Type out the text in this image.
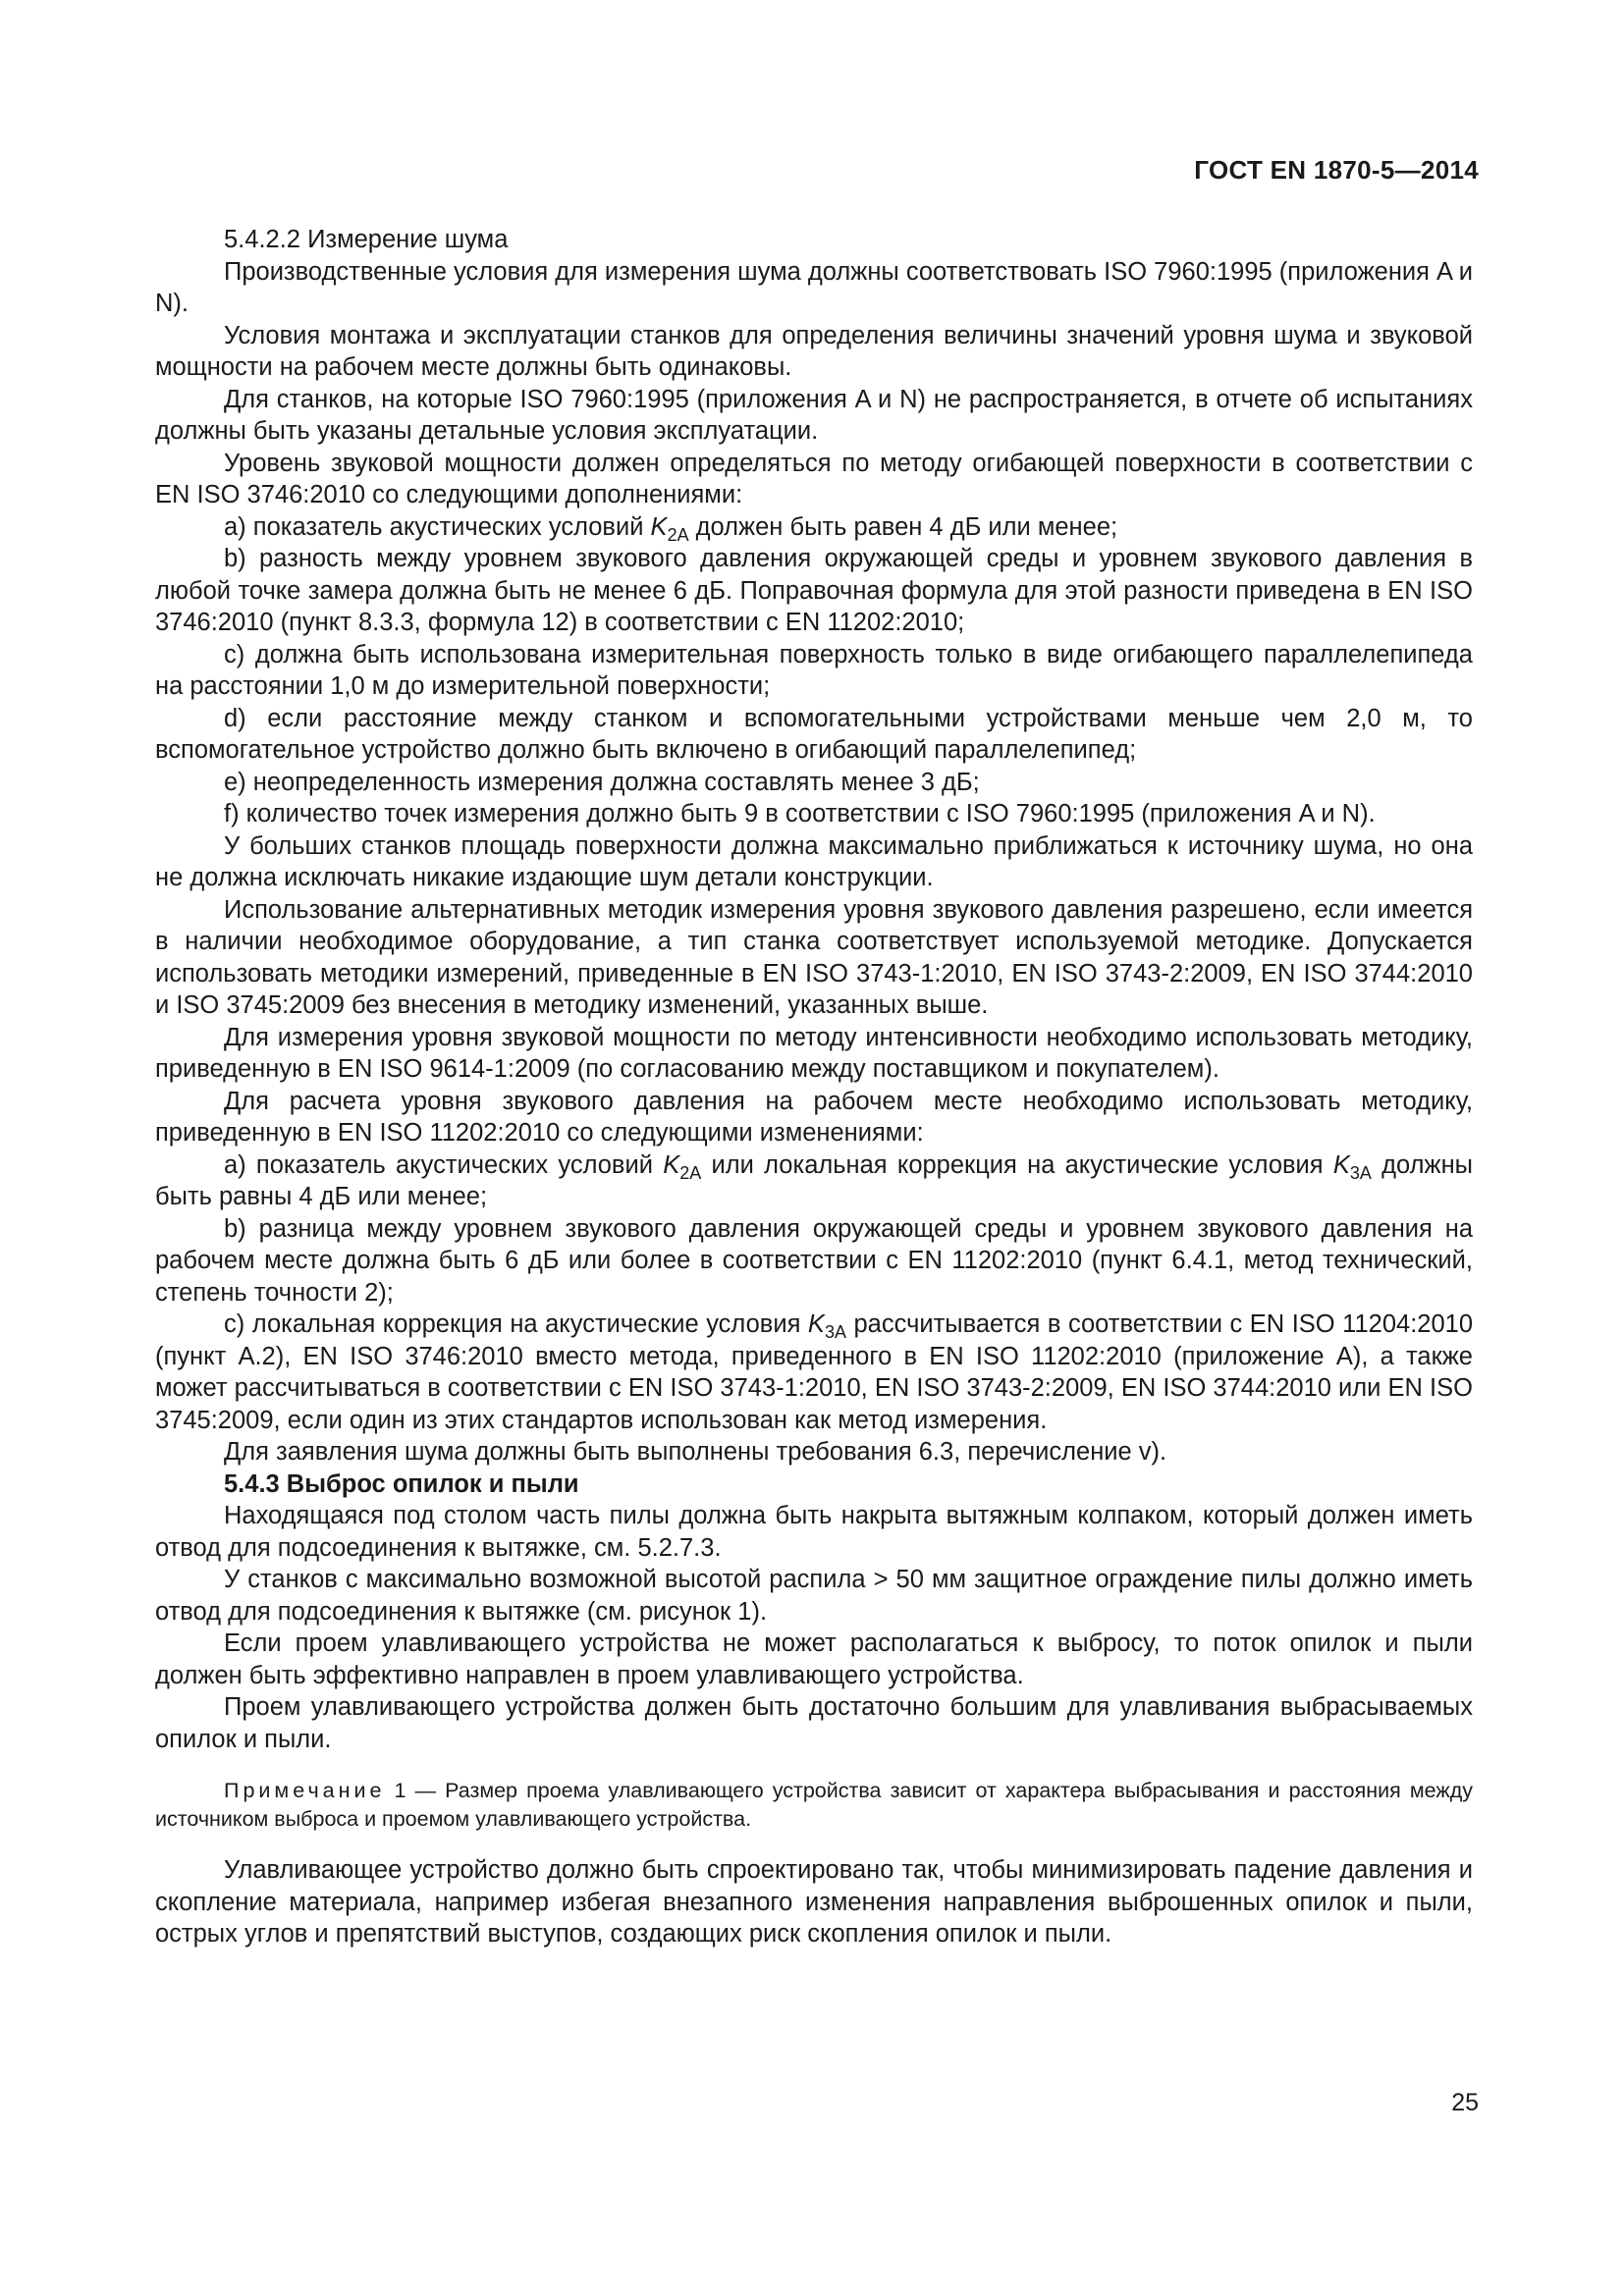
ГОСТ EN 1870-5—2014

5.4.2.2 Измерение шума

Производственные условия для измерения шума должны соответствовать ISO 7960:1995 (приложения A и N).

Условия монтажа и эксплуатации станков для определения величины значений уровня шума и звуковой мощности на рабочем месте должны быть одинаковы.

Для станков, на которые ISO 7960:1995 (приложения A и N) не распространяется, в отчете об испытаниях должны быть указаны детальные условия эксплуатации.

Уровень звуковой мощности должен определяться по методу огибающей поверхности в соответствии с EN ISO 3746:2010 со следующими дополнениями:

a) показатель акустических условий $K_{2A}$ должен быть равен 4 дБ или менее;

b) разность между уровнем звукового давления окружающей среды и уровнем звукового давления в любой точке замера должна быть не менее 6 дБ. Поправочная формула для этой разности приведена в EN ISO 3746:2010 (пункт 8.3.3, формула 12) в соответствии с EN 11202:2010;

c) должна быть использована измерительная поверхность только в виде огибающего параллелепипеда на расстоянии 1,0 м до измерительной поверхности;

d) если расстояние между станком и вспомогательными устройствами меньше чем 2,0 м, то вспомогательное устройство должно быть включено в огибающий параллелепипед;

e) неопределенность измерения должна составлять менее 3 дБ;

f) количество точек измерения должно быть 9 в соответствии с ISO 7960:1995 (приложения A и N).

У больших станков площадь поверхности должна максимально приближаться к источнику шума, но она не должна исключать никакие издающие шум детали конструкции.

Использование альтернативных методик измерения уровня звукового давления разрешено, если имеется в наличии необходимое оборудование, а тип станка соответствует используемой методике. Допускается использовать методики измерений, приведенные в EN ISO 3743-1:2010, EN ISO 3743-2:2009, EN ISO 3744:2010 и ISO 3745:2009 без внесения в методику изменений, указанных выше.

Для измерения уровня звуковой мощности по методу интенсивности необходимо использовать методику, приведенную в EN ISO 9614-1:2009 (по согласованию между поставщиком и покупателем).

Для расчета уровня звукового давления на рабочем месте необходимо использовать методику, приведенную в EN ISO 11202:2010 со следующими изменениями:

a) показатель акустических условий $K_{2A}$ или локальная коррекция на акустические условия $K_{3A}$ должны быть равны 4 дБ или менее;

b) разница между уровнем звукового давления окружающей среды и уровнем звукового давления на рабочем месте должна быть 6 дБ или более в соответствии с EN 11202:2010 (пункт 6.4.1, метод технический, степень точности 2);

c) локальная коррекция на акустические условия $K_{3A}$ рассчитывается в соответствии с EN ISO 11204:2010 (пункт A.2), EN ISO 3746:2010 вместо метода, приведенного в EN ISO 11202:2010 (приложение A), а также может рассчитываться в соответствии с EN ISO 3743-1:2010, EN ISO 3743-2:2009, EN ISO 3744:2010 или EN ISO 3745:2009, если один из этих стандартов использован как метод измерения.

Для заявления шума должны быть выполнены требования 6.3, перечисление v).

5.4.3 Выброс опилок и пыли

Находящаяся под столом часть пилы должна быть накрыта вытяжным колпаком, который должен иметь отвод для подсоединения к вытяжке, см. 5.2.7.3.

У станков с максимально возможной высотой распила > 50 мм защитное ограждение пилы должно иметь отвод для подсоединения к вытяжке (см. рисунок 1).

Если проем улавливающего устройства не может располагаться к выбросу, то поток опилок и пыли должен быть эффективно направлен в проем улавливающего устройства.

Проем улавливающего устройства должен быть достаточно большим для улавливания выбрасываемых опилок и пыли.

Примечание 1 — Размер проема улавливающего устройства зависит от характера выбрасывания и расстояния между источником выброса и проемом улавливающего устройства.

Улавливающее устройство должно быть спроектировано так, чтобы минимизировать падение давления и скопление материала, например избегая внезапного изменения направления выброшенных опилок и пыли, острых углов и препятствий выступов, создающих риск скопления опилок и пыли.

25
